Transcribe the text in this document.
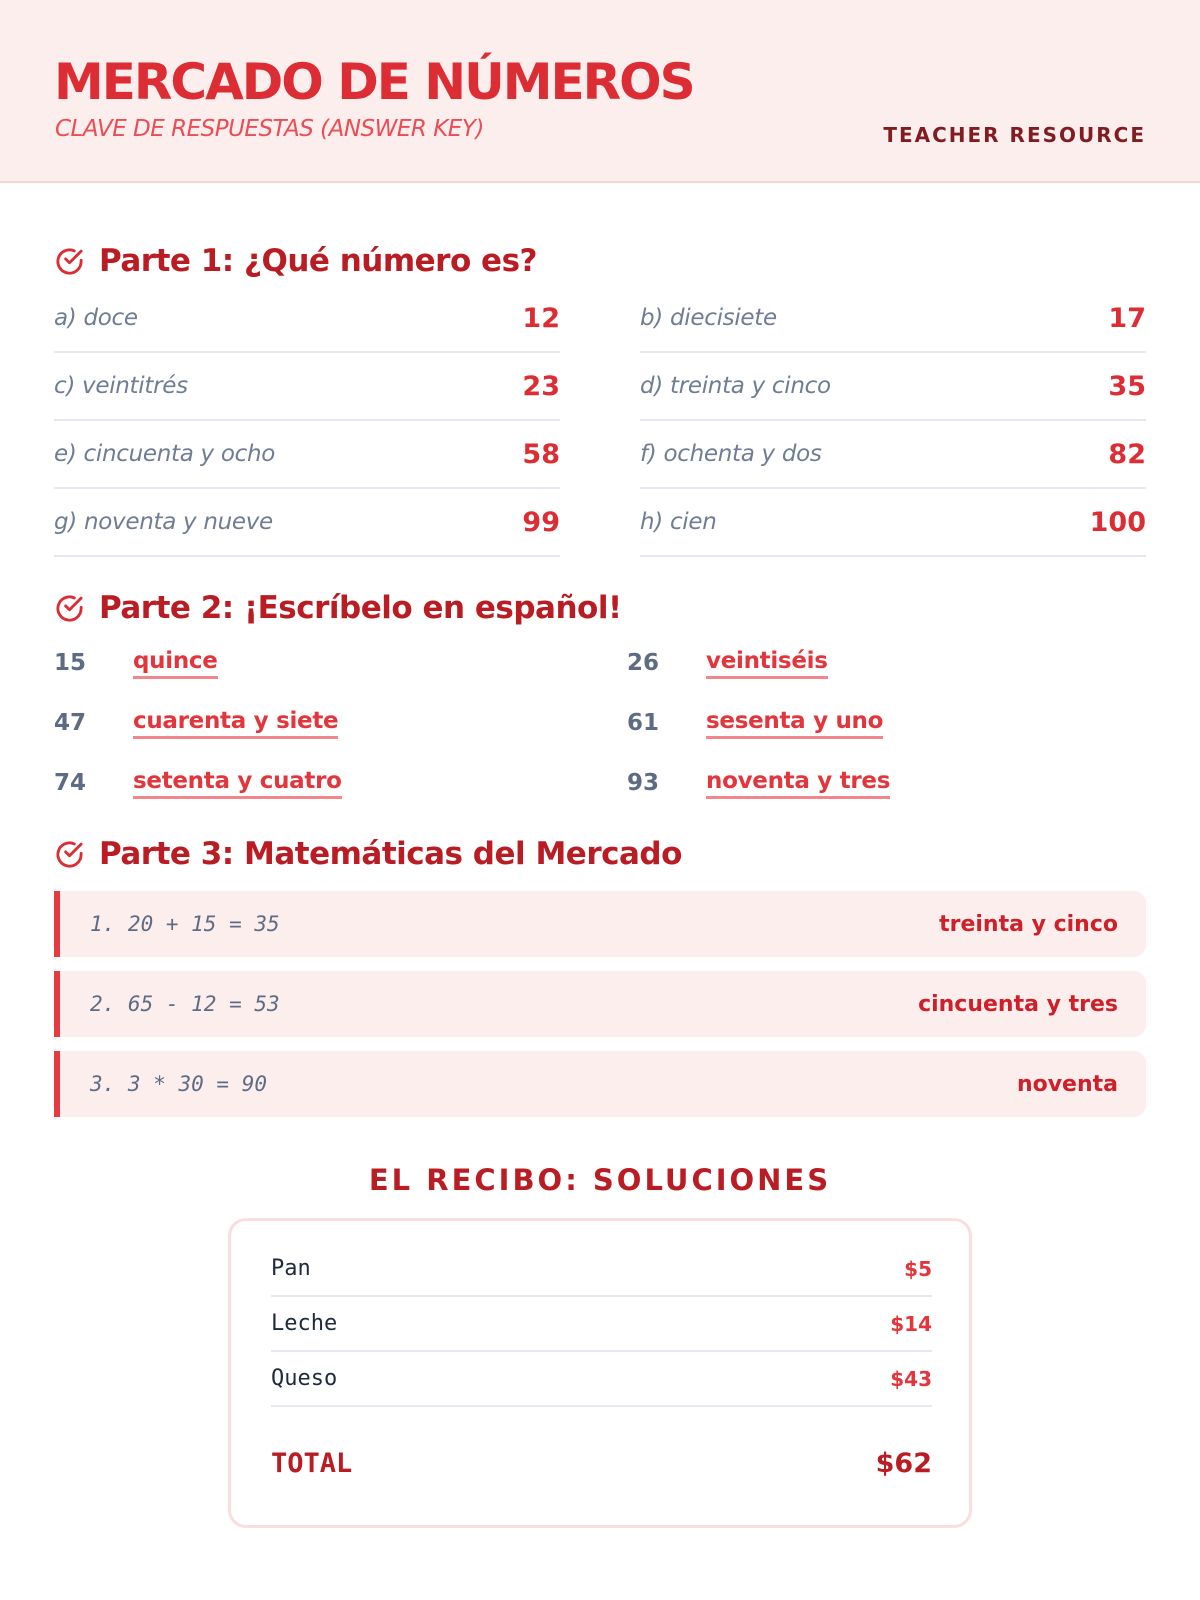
MERCADO DE NÚMEROS
CLAVE DE RESPUESTAS (ANSWER KEY)	TEACHER RESOURCE
Parte 1: ¿Qué número es?
a) doce	12	b) diecisiete	17
c) veintitrés	23	d) treinta y cinco	35
e) cincuenta y ocho	58	f) ochenta y dos	82
g) noventa y nueve	99	h) cien	100
Parte 2: ¡Escríbelo en español!
15	quince	26	veintiséis
47	cuarenta y siete	61	sesenta y uno
74	setenta y cuatro	93	noventa y tres
Parte 3: Matemáticas del Mercado
1. 20 + 15 = 35	treinta y cinco
2. 65 - 12 = 53	cincuenta y tres
3. 3 * 30 = 90	noventa
EL RECIBO: SOLUCIONES
Pan	$5
Leche	$14
Queso	$43
TOTAL	$62
